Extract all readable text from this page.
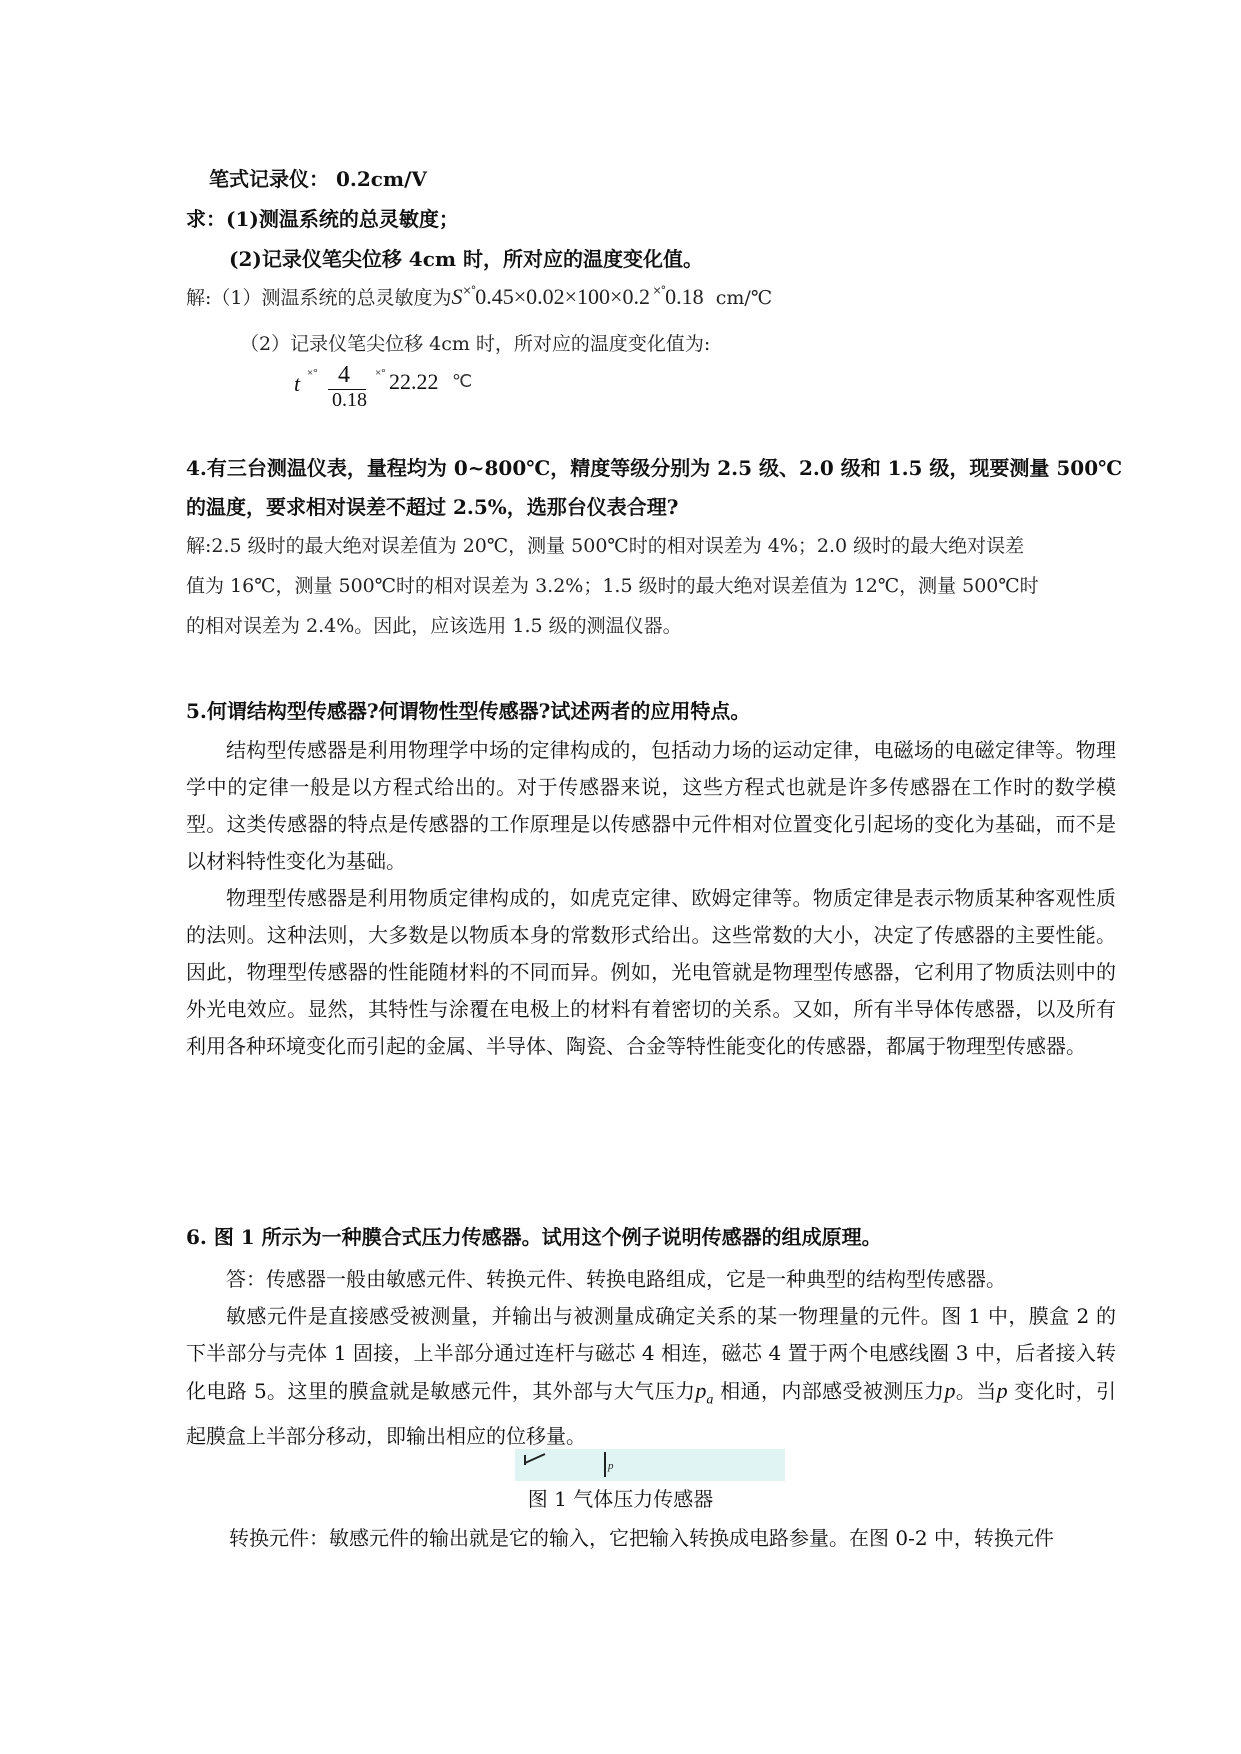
笔式记录仪： 0.2cm/V
求：(1)测温系统的总灵敏度；
(2)记录仪笔尖位移 4cm 时，所对应的温度变化值。
解:（1）测温系统的总灵敏度为S×°0.45×0.02×100×0.2 ×°0.18 cm/℃
（2）记录仪笔尖位移 4cm 时，所对应的温度变化值为:
t ×° 4
0.18
×° 22.22 ℃
4.有三台测温仪表，量程均为 0~800℃，精度等级分别为 2.5 级、2.0 级和 1.5 级，现要测量 500℃
的温度，要求相对误差不超过 2.5%，选那台仪表合理?
解:2.5 级时的最大绝对误差值为 20℃，测量 500℃时的相对误差为 4%；2.0 级时的最大绝对误差
值为 16℃，测量 500℃时的相对误差为 3.2%；1.5 级时的最大绝对误差值为 12℃，测量 500℃时
的相对误差为 2.4%。因此，应该选用 1.5 级的测温仪器。
5.何谓结构型传感器?何谓物性型传感器?试述两者的应用特点。

结构型传感器是利用物理学中场的定律构成的，包括动力场的运动定律，电磁场的电磁定律等。物理学中的定律一般是以方程式给出的。对于传感器来说，这些方程式也就是许多传感器在工作时的数学模型。这类传感器的特点是传感器的工作原理是以传感器中元件相对位置变化引起场的变化为基础，而不是以材料特性变化为基础。

物理型传感器是利用物质定律构成的，如虎克定律、欧姆定律等。物质定律是表示物质某种客观性质的法则。这种法则，大多数是以物质本身的常数形式给出。这些常数的大小，决定了传感器的主要性能。因此，物理型传感器的性能随材料的不同而异。例如，光电管就是物理型传感器，它利用了物质法则中的外光电效应。显然，其特性与涂覆在电极上的材料有着密切的关系。又如，所有半导体传感器，以及所有利用各种环境变化而引起的金属、半导体、陶瓷、合金等特性能变化的传感器，都属于物理型传感器。

6. 图 1 所示为一种膜合式压力传感器。试用这个例子说明传感器的组成原理。

答：传感器一般由敏感元件、转换元件、转换电路组成，它是一种典型的结构型传感器。

敏感元件是直接感受被测量，并输出与被测量成确定关系的某一物理量的元件。图 1 中，膜盒 2 的下半部分与壳体 1 固接，上半部分通过连杆与磁芯 4 相连，磁芯 4 置于两个电感线圈 3 中，后者接入转化电路 5。这里的膜盒就是敏感元件，其外部与大气压力$p_a$ 相通，内部感受被测压力p。当p 变化时，引起膜盒上半部分移动，即输出相应的位移量。

p
图 1 气体压力传感器
转换元件：敏感元件的输出就是它的输入，它把输入转换成电路参量。在图 0-2 中，转换元件
